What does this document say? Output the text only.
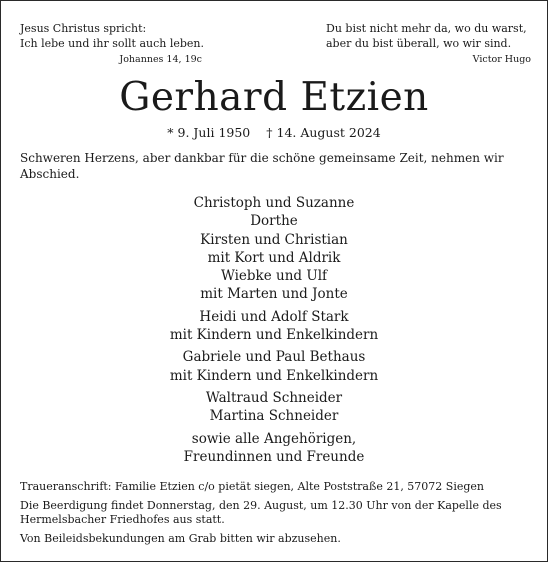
Jesus Christus spricht:
Ich lebe und ihr sollt auch leben.
Johannes 14, 19c
Du bist nicht mehr da, wo du warst,
aber du bist überall, wo wir sind.
Victor Hugo
Gerhard Etzien
* 9. Juli 1950 † 14. August 2024
Schweren Herzens, aber dankbar für die schöne gemeinsame Zeit, nehmen wir Abschied.
Christoph und Suzanne
Dorthe
Kirsten und Christian
mit Kort und Aldrik
Wiebke und Ulf
mit Marten und Jonte
Heidi und Adolf Stark
mit Kindern und Enkelkindern
Gabriele und Paul Bethaus
mit Kindern und Enkelkindern
Waltraud Schneider
Martina Schneider
sowie alle Angehörigen,
Freundinnen und Freunde

Traueranschrift: Familie Etzien c/o pietät siegen, Alte Poststraße 21, 57072 Siegen

Die Beerdigung findet Donnerstag, den 29. August, um 12.30 Uhr von der Kapelle des Hermelsbacher Friedhofes aus statt.

Von Beileidsbekundungen am Grab bitten wir abzusehen.
